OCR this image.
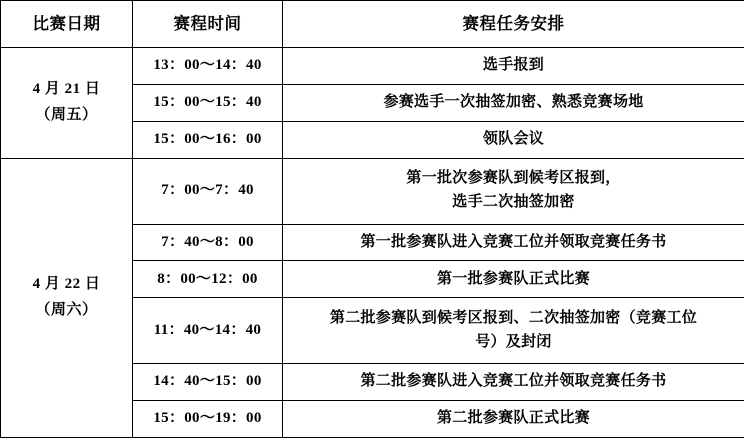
比赛日期	赛程时间	赛程任务安排

4 月 21 日
（周五）	13：00～14：40	选手报到

	15：00～15：40	参赛选手一次抽签加密、熟悉竞赛场地

	15：00～16：00	领队会议

4 月 22 日
（周六）	7：00～7：40	第一批次参赛队到候考区报到，
选手二次抽签加密

	7：40～8：00	第一批参赛队进入竞赛工位并领取竞赛任务书

	8：00～12：00	第一批参赛队正式比赛

	11：40～14：40	第二批参赛队到候考区报到、二次抽签加密（竞赛工位
号）及封闭

	14：40～15：00	第二批参赛队进入竞赛工位并领取竞赛任务书

	15：00～19：00	第二批参赛队正式比赛
